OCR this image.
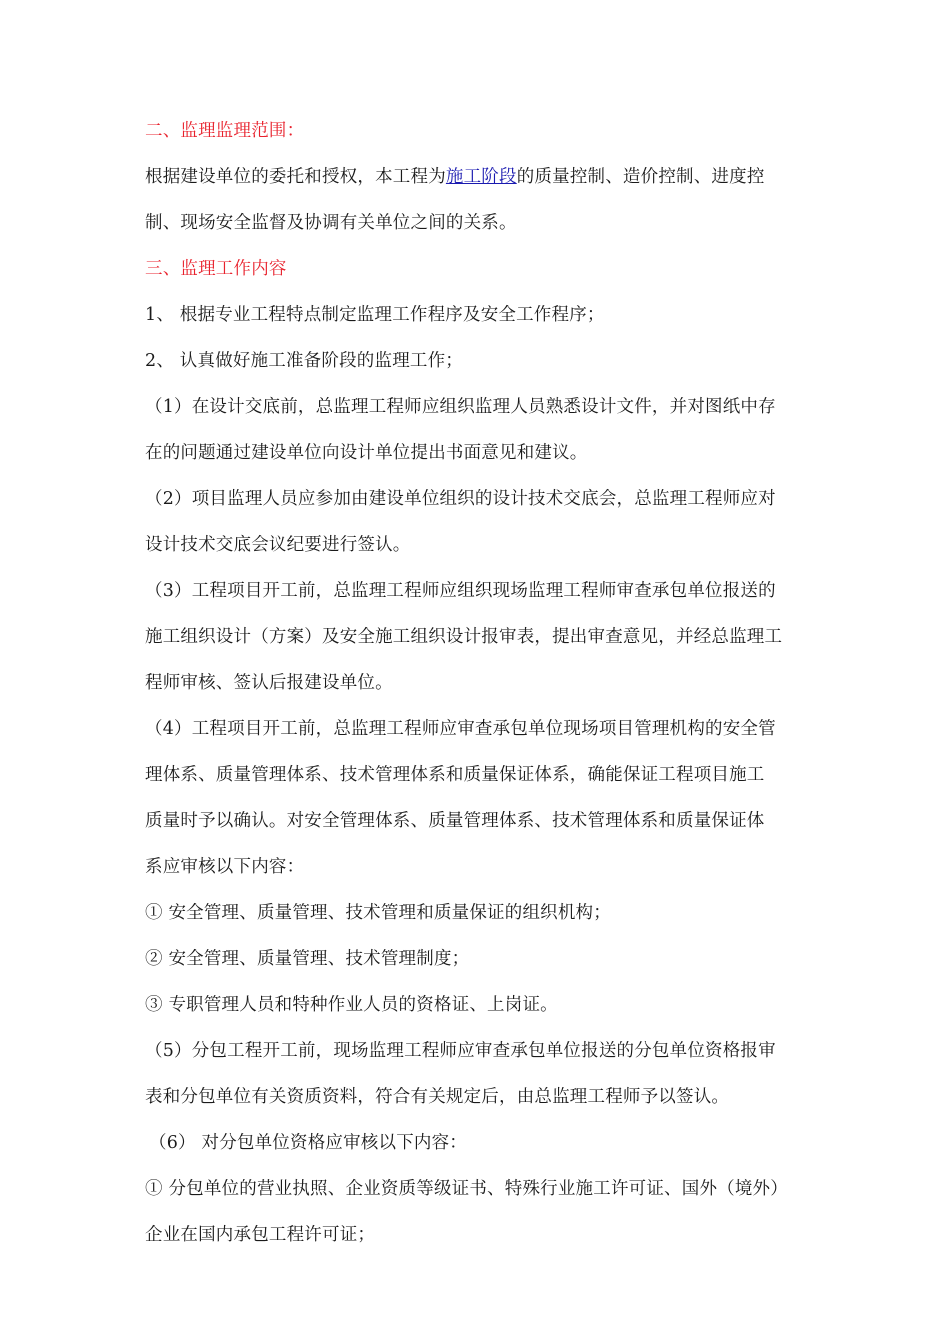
二、监理监理范围：
根据建设单位的委托和授权，本工程为施工阶段的质量控制、造价控制、进度控
制、现场安全监督及协调有关单位之间的关系。
三、监理工作内容
1、 根据专业工程特点制定监理工作程序及安全工作程序；
2、 认真做好施工准备阶段的监理工作；
（1）在设计交底前，总监理工程师应组织监理人员熟悉设计文件，并对图纸中存
在的问题通过建设单位向设计单位提出书面意见和建议。
（2）项目监理人员应参加由建设单位组织的设计技术交底会，总监理工程师应对
设计技术交底会议纪要进行签认。
（3）工程项目开工前，总监理工程师应组织现场监理工程师审查承包单位报送的
施工组织设计（方案）及安全施工组织设计报审表，提出审查意见，并经总监理工
程师审核、签认后报建设单位。
（4）工程项目开工前，总监理工程师应审查承包单位现场项目管理机构的安全管
理体系、质量管理体系、技术管理体系和质量保证体系，确能保证工程项目施工
质量时予以确认。对安全管理体系、质量管理体系、技术管理体系和质量保证体
系应审核以下内容：
① 安全管理、质量管理、技术管理和质量保证的组织机构；
② 安全管理、质量管理、技术管理制度；
③ 专职管理人员和特种作业人员的资格证、上岗证。
（5）分包工程开工前，现场监理工程师应审查承包单位报送的分包单位资格报审
表和分包单位有关资质资料，符合有关规定后，由总监理工程师予以签认。
（6） 对分包单位资格应审核以下内容：
① 分包单位的营业执照、企业资质等级证书、特殊行业施工许可证、国外（境外）
企业在国内承包工程许可证；
